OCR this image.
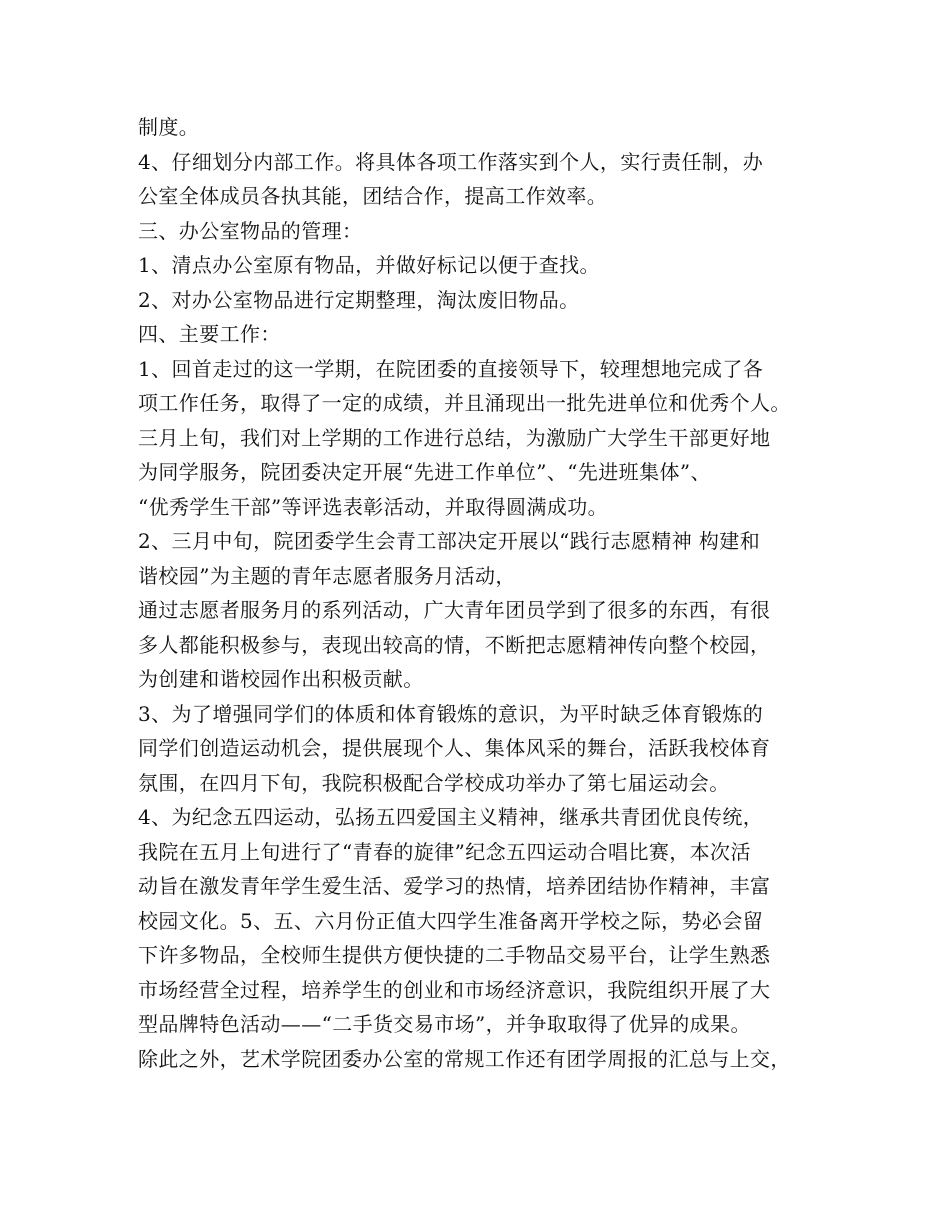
制度。
4、仔细划分内部工作。将具体各项工作落实到个人，实行责任制，办
公室全体成员各执其能，团结合作，提高工作效率。
三、办公室物品的管理：
1、清点办公室原有物品，并做好标记以便于查找。
2、对办公室物品进行定期整理，淘汰废旧物品。
四、主要工作：
1、回首走过的这一学期，在院团委的直接领导下，较理想地完成了各
项工作任务，取得了一定的成绩，并且涌现出一批先进单位和优秀个人。
三月上旬，我们对上学期的工作进行总结，为激励广大学生干部更好地
为同学服务，院团委决定开展“先进工作单位”、“先进班集体”、
“优秀学生干部”等评选表彰活动，并取得圆满成功。
2、三月中旬，院团委学生会青工部决定开展以“践行志愿精神 构建和
谐校园”为主题的青年志愿者服务月活动，
通过志愿者服务月的系列活动，广大青年团员学到了很多的东西，有很
多人都能积极参与，表现出较高的情，不断把志愿精神传向整个校园，
为创建和谐校园作出积极贡献。
3、为了增强同学们的体质和体育锻炼的意识，为平时缺乏体育锻炼的
同学们创造运动机会，提供展现个人、集体风采的舞台，活跃我校体育
氛围，在四月下旬，我院积极配合学校成功举办了第七届运动会。
4、为纪念五四运动，弘扬五四爱国主义精神，继承共青团优良传统，
我院在五月上旬进行了“青春的旋律”纪念五四运动合唱比赛，本次活
动旨在激发青年学生爱生活、爱学习的热情，培养团结协作精神，丰富
校园文化。5、五、六月份正值大四学生准备离开学校之际，势必会留
下许多物品，全校师生提供方便快捷的二手物品交易平台，让学生熟悉
市场经营全过程，培养学生的创业和市场经济意识，我院组织开展了大
型品牌特色活动——“二手货交易市场”，并争取取得了优异的成果。
除此之外，艺术学院团委办公室的常规工作还有团学周报的汇总与上交，
